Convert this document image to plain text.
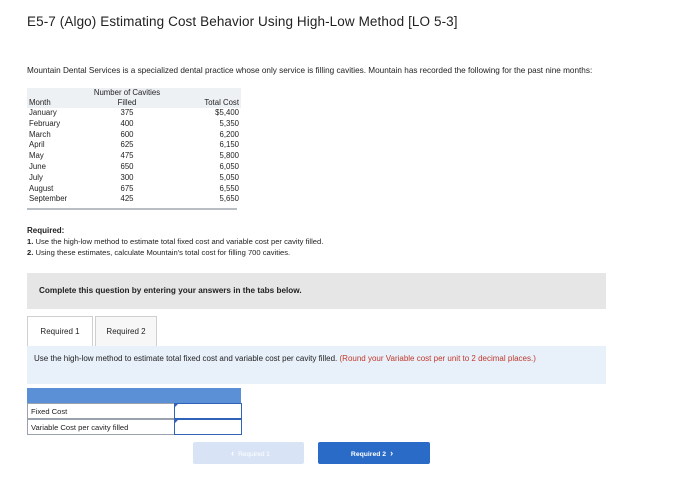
E5-7 (Algo) Estimating Cost Behavior Using High-Low Method [LO 5-3]
Mountain Dental Services is a specialized dental practice whose only service is filling cavities. Mountain has recorded the following for the past nine months:
	Number of Cavities	
Month	Filled	Total Cost
January	375	$5,400
February	400	5,350
March	600	6,200
April	625	6,150
May	475	5,800
June	650	6,050
July	300	5,050
August	675	6,550
September	425	5,650
Required:
1. Use the high-low method to estimate total fixed cost and variable cost per cavity filled.
2. Using these estimates, calculate Mountain's total cost for filling 700 cavities.
Complete this question by entering your answers in the tabs below.
Required 1	Required 2
Use the high-low method to estimate total fixed cost and variable cost per cavity filled. (Round your Variable cost per unit to 2 decimal places.)
Fixed Cost
Variable Cost per cavity filled
‹ Required 1	Required 2 ›
